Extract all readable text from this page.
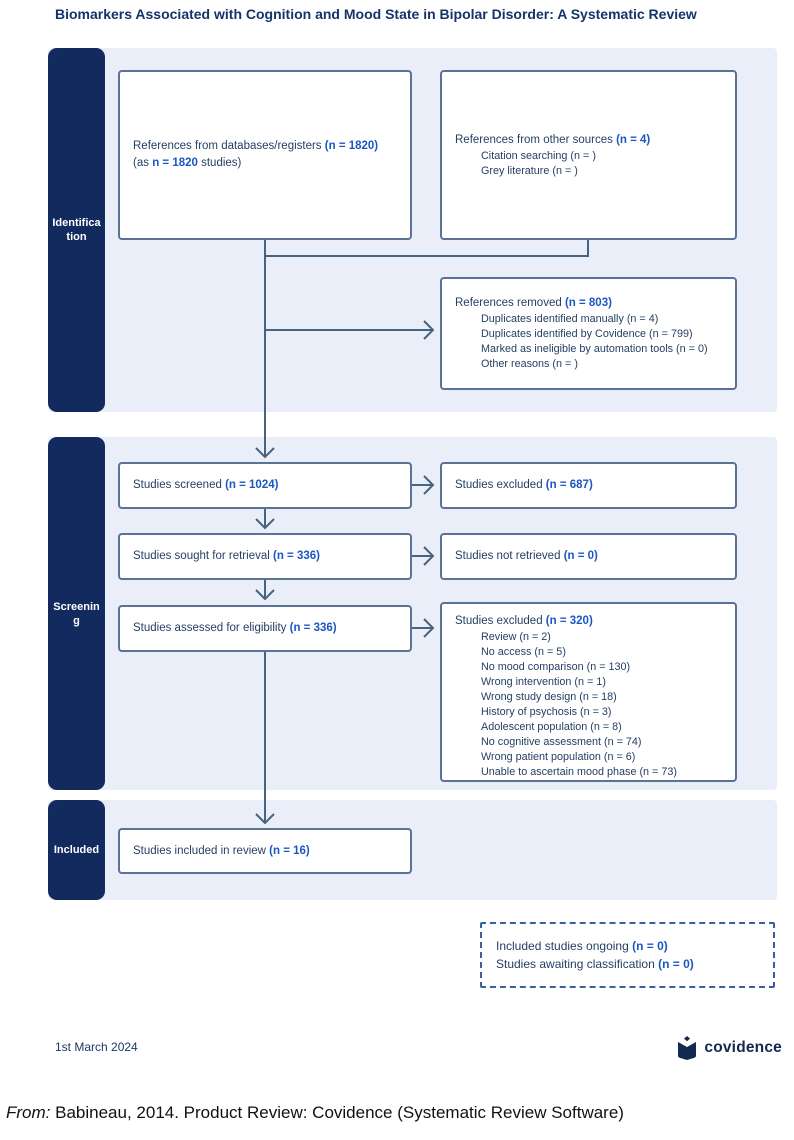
Biomarkers Associated with Cognition and Mood State in Bipolar Disorder: A Systematic Review
Identification
Screening
Included
References from databases/registers (n = 1820)
(as n = 1820 studies)
References from other sources (n = 4)
Citation searching (n = )
Grey literature (n = )
References removed (n = 803)
Duplicates identified manually (n = 4)
Duplicates identified by Covidence (n = 799)
Marked as ineligible by automation tools (n = 0)
Other reasons (n = )
Studies screened (n = 1024)	Studies excluded (n = 687)
Studies sought for retrieval (n = 336)	Studies not retrieved (n = 0)
Studies assessed for eligibility (n = 336)
Studies excluded (n = 320)
Review (n = 2)
No access (n = 5)
No mood comparison (n = 130)
Wrong intervention (n = 1)
Wrong study design (n = 18)
History of psychosis (n = 3)
Adolescent population (n = 8)
No cognitive assessment (n = 74)
Wrong patient population (n = 6)
Unable to ascertain mood phase (n = 73)
Studies included in review (n = 16)
Included studies ongoing (n = 0)
Studies awaiting classification (n = 0)
1st March 2024	covidence
From: Babineau, 2014. Product Review: Covidence (Systematic Review Software)
